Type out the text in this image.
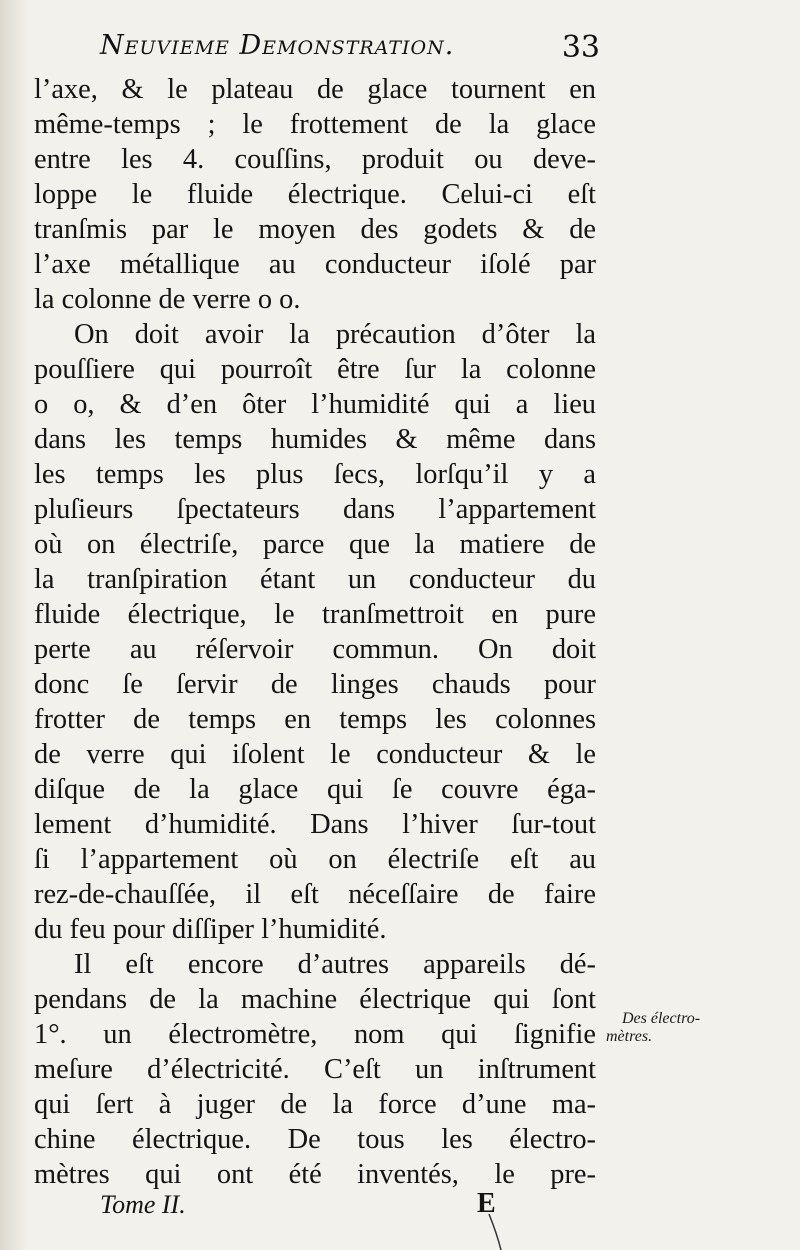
Neuvieme Demonstration.	33
l’axe, & le plateau de glace tournent en
même-temps ; le frottement de la glace
entre les 4. couſſins, produit ou deve-
loppe le fluide électrique. Celui-ci eſt
tranſmis par le moyen des godets & de
l’axe métallique au conducteur iſolé par
la colonne de verre o o.
On doit avoir la précaution d’ôter la
pouſſiere qui pourroît être ſur la colonne
o o, & d’en ôter l’humidité qui a lieu
dans les temps humides & même dans
les temps les plus ſecs, lorſqu’il y a
pluſieurs ſpectateurs dans l’appartement
où on électriſe, parce que la matiere de
la tranſpiration étant un conducteur du
fluide électrique, le tranſmettroit en pure
perte au réſervoir commun. On doit
donc ſe ſervir de linges chauds pour
frotter de temps en temps les colonnes
de verre qui iſolent le conducteur & le
diſque de la glace qui ſe couvre éga-
lement d’humidité. Dans l’hiver ſur-tout
ſi l’appartement où on électriſe eſt au
rez-de-chauſſée, il eſt néceſſaire de faire
du feu pour diſſiper l’humidité.
Il eſt encore d’autres appareils dé-
pendans de la machine électrique qui ſont
1°. un électromètre, nom qui ſignifie
meſure d’électricité. C’eſt un inſtrument
qui ſert à juger de la force d’une ma-
chine électrique. De tous les électro-
mètres qui ont été inventés, le pre-
Des électro-
mètres.
Tome II.	E
